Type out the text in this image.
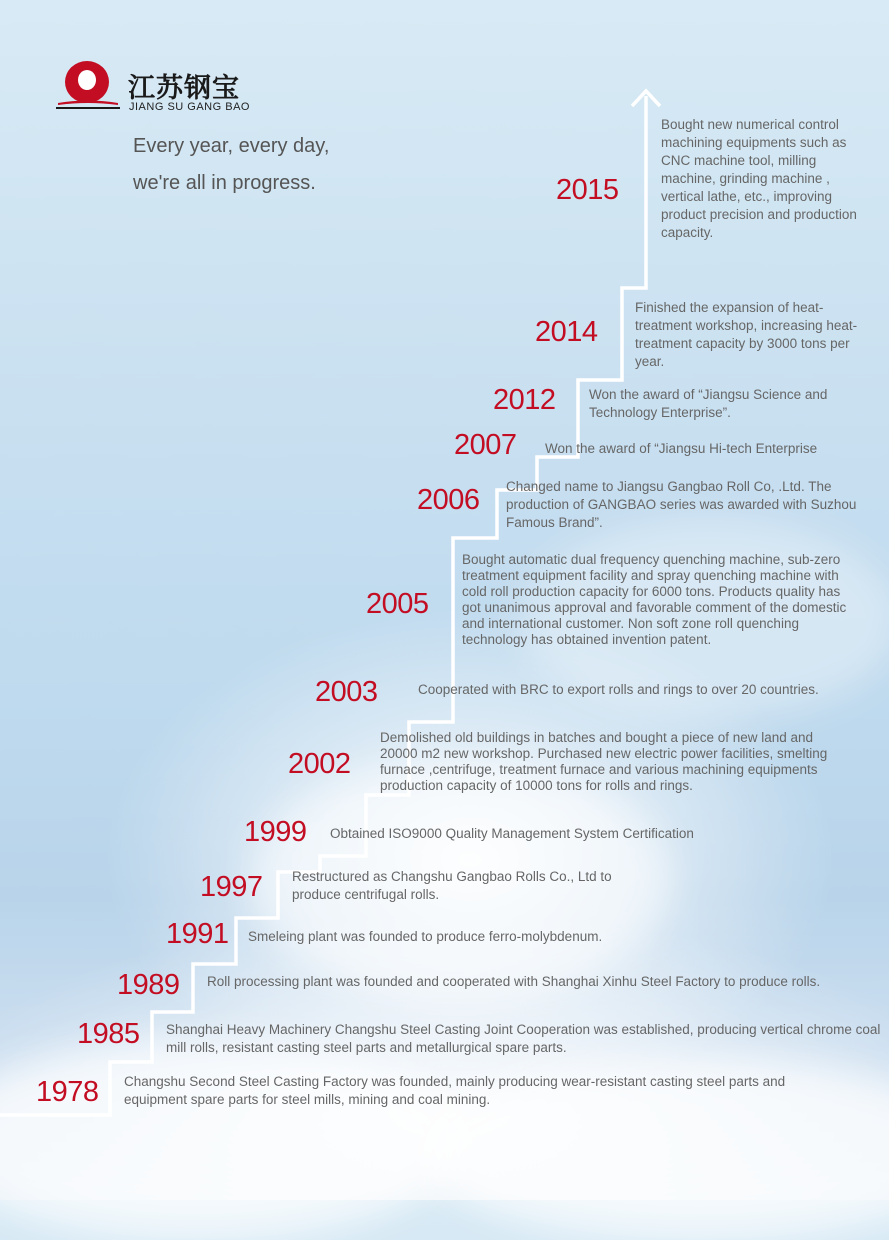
江苏钢宝
JIANG SU GANG BAO
Every year, every day,
we're all in progress.	2015
Bought new numerical control machining equipments such as CNC machine tool, milling machine, grinding machine , vertical lathe, etc., improving product precision and production capacity.
2014
Finished the expansion of heat-treatment workshop, increasing heat-treatment capacity by 3000 tons per year.
2012 Won the award of “Jiangsu Science and Technology Enterprise”.
2007 Won the award of “Jiangsu Hi-tech Enterprise
2006 Changed name to Jiangsu Gangbao Roll Co, .Ltd. The production of GANGBAO series was awarded with Suzhou Famous Brand”.
2005
Bought automatic dual frequency quenching machine, sub-zero treatment equipment facility and spray quenching machine with cold roll production capacity for 6000 tons. Products quality has got unanimous approval and favorable comment of the domestic and international customer. Non soft zone roll quenching technology has obtained invention patent.
2003	Cooperated with BRC to export rolls and rings to over 20 countries.
2002
Demolished old buildings in batches and bought a piece of new land and 20000 m2 new workshop. Purchased new electric power facilities, smelting furnace ,centrifuge, treatment furnace and various machining equipments production capacity of 10000 tons for rolls and rings.
1999 Obtained ISO9000 Quality Management System Certification
1997 Restructured as Changshu Gangbao Rolls Co., Ltd to produce centrifugal rolls.
1991 Smeleing plant was founded to produce ferro-molybdenum.
1989 Roll processing plant was founded and cooperated with Shanghai Xinhu Steel Factory to produce rolls.
1985 Shanghai Heavy Machinery Changshu Steel Casting Joint Cooperation was established, producing vertical chrome coal mill rolls, resistant casting steel parts and metallurgical spare parts.
1978 Changshu Second Steel Casting Factory was founded, mainly producing wear-resistant casting steel parts and equipment spare parts for steel mills, mining and coal mining.
